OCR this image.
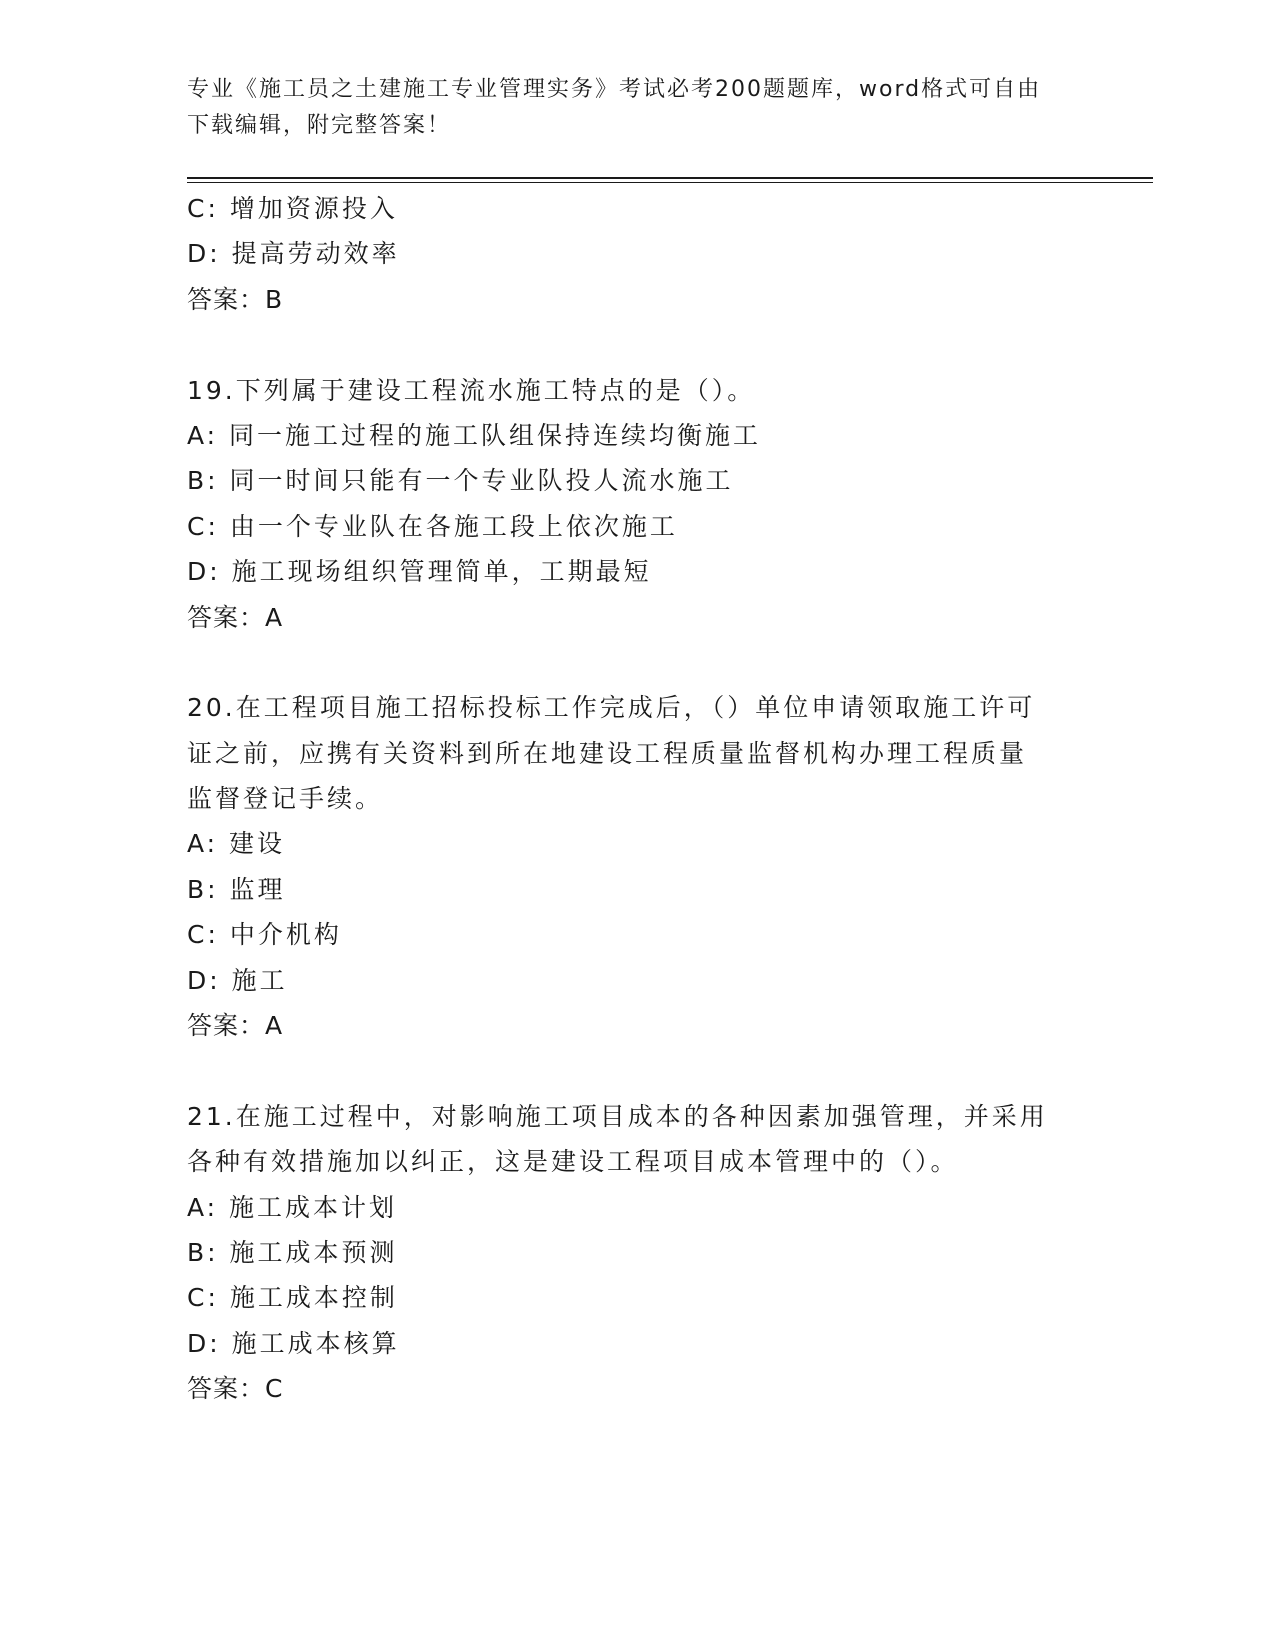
专业《施工员之土建施工专业管理实务》考试必考200题题库，word格式可自由
下载编辑，附完整答案！
C: 增加资源投入
D: 提高劳动效率
答案：B
19.下列属于建设工程流水施工特点的是（）。
A: 同一施工过程的施工队组保持连续均衡施工
B: 同一时间只能有一个专业队投人流水施工
C: 由一个专业队在各施工段上依次施工
D: 施工现场组织管理简单，工期最短
答案：A
20.在工程项目施工招标投标工作完成后，（）单位申请领取施工许可
证之前，应携有关资料到所在地建设工程质量监督机构办理工程质量
监督登记手续。
A: 建设
B: 监理
C: 中介机构
D: 施工
答案：A
21.在施工过程中，对影响施工项目成本的各种因素加强管理，并采用
各种有效措施加以纠正，这是建设工程项目成本管理中的（）。
A: 施工成本计划
B: 施工成本预测
C: 施工成本控制
D: 施工成本核算
答案：C
